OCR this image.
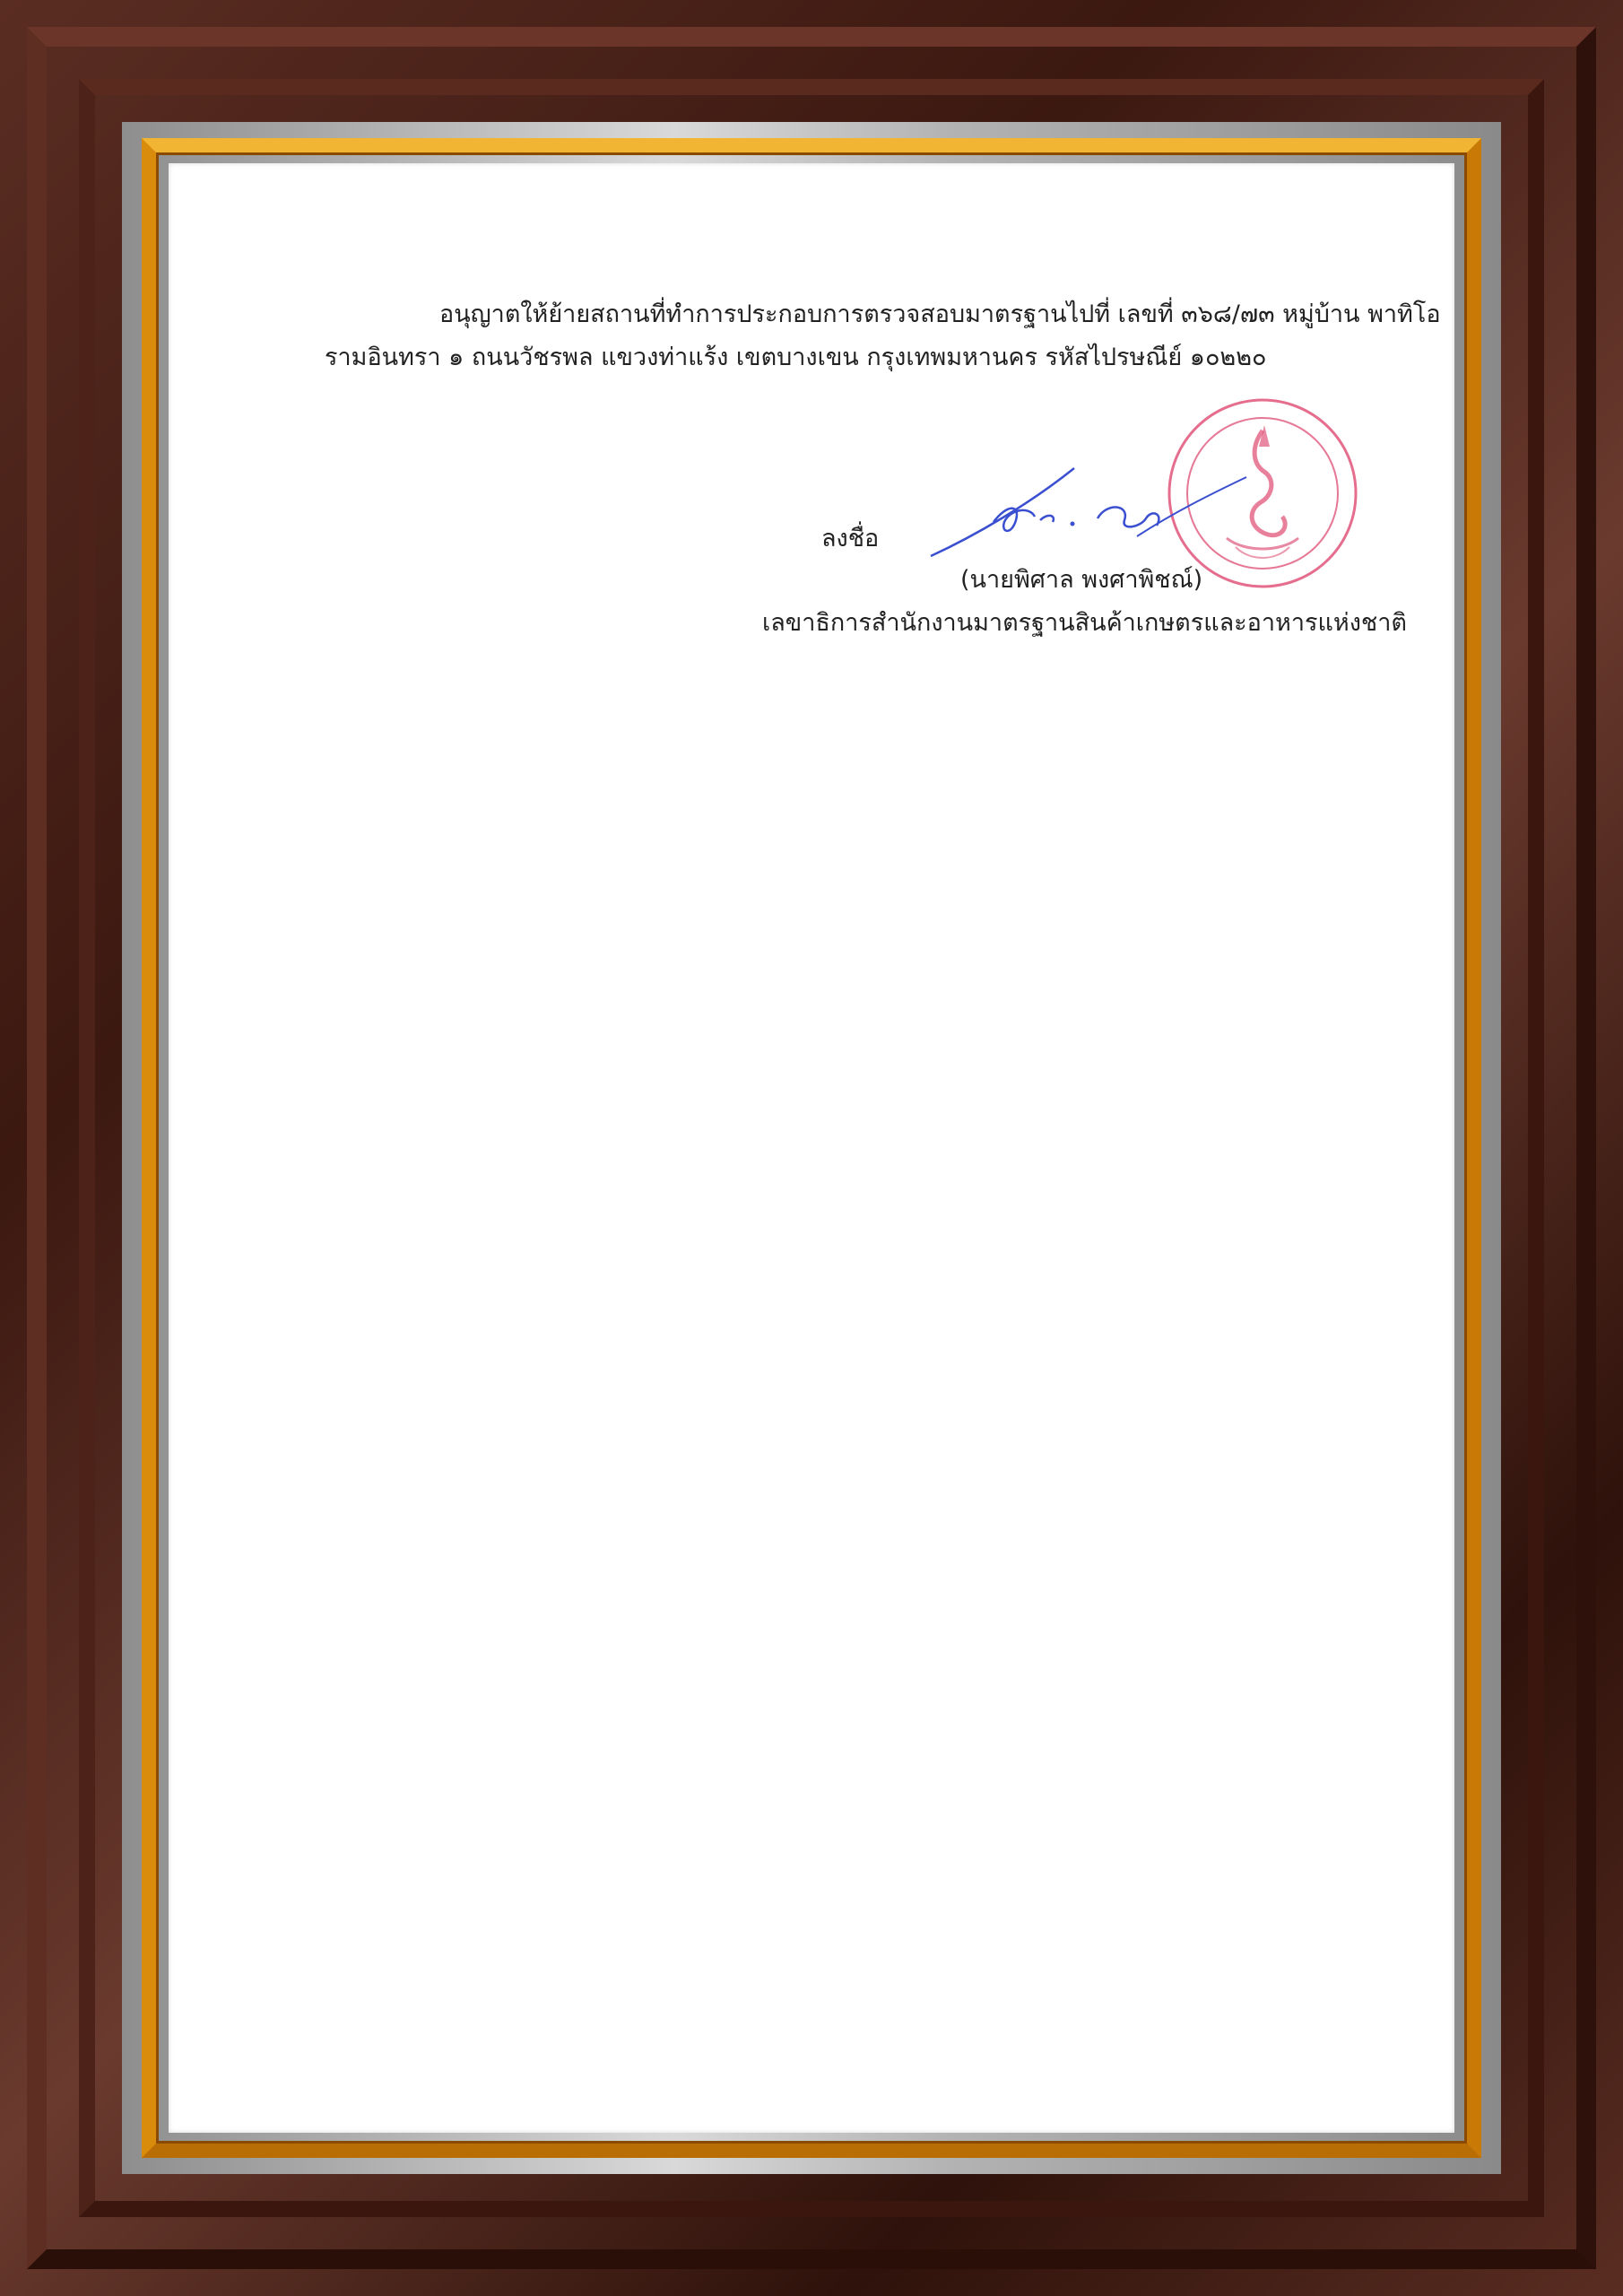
อนุญาตให้ย้ายสถานที่ทำการประกอบการตรวจสอบมาตรฐานไปที่ เลขที่ ๓๖๘/๗๓ หมู่บ้าน พาทิโอ
รามอินทรา ๑ ถนนวัชรพล แขวงท่าแร้ง เขตบางเขน กรุงเทพมหานคร รหัสไปรษณีย์ ๑๐๒๒๐
ลงชื่อ
(นายพิศาล พงศาพิชณ์)
เลขาธิการสำนักงานมาตรฐานสินค้าเกษตรและอาหารแห่งชาติ
